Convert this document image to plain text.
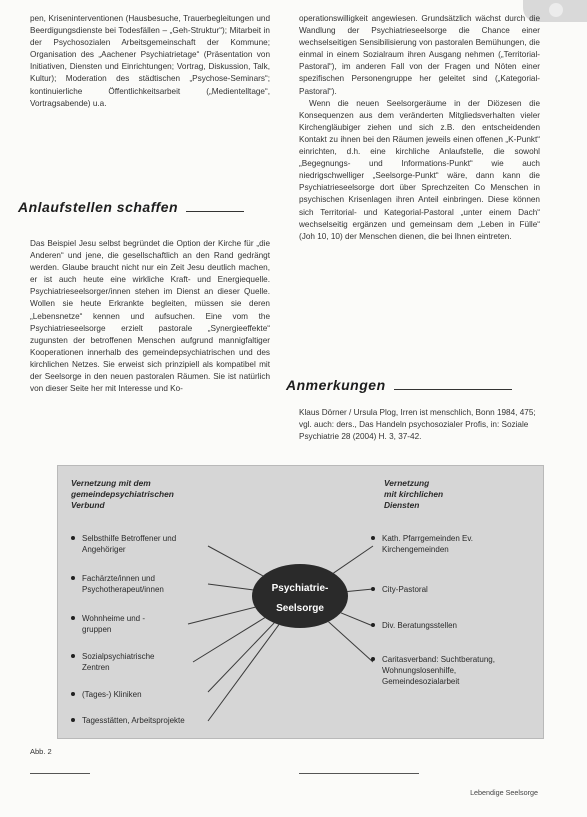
pen, Kriseninterventionen (Hausbesuche, Trauerbegleitungen und Beerdigungsdienste bei Todesfällen – „Geh-Struktur“); Mitarbeit in der Psychosozialen Arbeitsgemeinschaft der Kommune; Organisation des „Aachener Psychiatrietage“ (Präsentation von Initiativen, Diensten und Einrichtungen; Vortrag, Diskussion, Talk, Kultur); Moderation des städtischen „Psychose-Seminars“; kontinuierliche Öffentlichkeitsarbeit („Medientelltage“, Vortragsabende) u.a.

Anlaufstellen schaffen

Das Beispiel Jesu selbst begründet die Option der Kirche für „die Anderen“ und jene, die gesellschaftlich an den Rand gedrängt werden. Glaube braucht nicht nur ein Zeit Jesu deutlich machen, er ist auch heute eine wirkliche Kraft- und Energiequelle. Psychiatrieseelsorger/innen stehen im Dienst an dieser Quelle. Wollen sie heute Erkrankte begleiten, müssen sie deren „Lebensnetze“ kennen und aufsuchen. Eine vom the Psychiatrieseelsorge erzielt pastorale „Synergieeffekte“ zugunsten der betroffenen Menschen aufgrund mannigfaltiger Kooperationen innerhalb des gemeindepsychiatrischen und des kirchlichen Netzes. Sie erweist sich prinzipiell als kompatibel mit der Seelsorge in den neuen pastoralen Räumen. Sie ist natürlich von dieser Seite her mit Interesse und Ko-

operationswilligkeit angewiesen. Grundsätzlich wächst durch die Wandlung der Psychiatrieseelsorge die Chance einer wechselseitigen Sensibilisierung von pastoralen Bemühungen, die einmal in einem Sozialraum ihren Ausgang nehmen („Territorial-Pastoral“), im anderen Fall von der Fragen und Nöten einer spezifischen Personengruppe her geleitet sind („Kategorial-Pastoral“).

Wenn die neuen Seelsorgeräume in der Diözesen die Konsequenzen aus dem veränderten Mitgliedsverhalten vieler Kirchengläubiger ziehen und sich z.B. den entscheidenden Kontakt zu ihnen bei den Räumen jeweils einen offenen „K-Punkt“ einrichten, d.h. eine kirchliche Anlaufstelle, die sowohl „Begegnungs- und Informations-Punkt“ wie auch niedrigschwelliger „Seelsorge-Punkt“ wäre, dann kann die Psychiatrieseelsorge dort über Sprechzeiten Co Menschen in psychischen Krisenlagen ihren Anteil einbringen. Diese können sich Territorial- und Kategorial-Pastoral „unter einem Dach“ wechselseitig ergänzen und gemeinsam dem „Leben in Fülle“ (Joh 10, 10) der Menschen dienen, die bei Ihnen eintreten.

Anmerkungen

Klaus Dörner / Ursula Plog, Irren ist menschlich, Bonn 1984, 475; vgl. auch: ders., Das Handeln psychosozialer Profis, in: Soziale Psychiatrie 28 (2004) H. 3, 37-42.

Psychiatrie-
Seelsorge
Vernetzung mit dem
gemeindepsychiatrischen
Verbund
Vernetzung
mit kirchlichen
Diensten
Selbsthilfe Betroffener und Angehöriger
Fachärzte/innen und Psychotherapeut/innen
Wohnheime und -gruppen
Sozialpsychiatrische Zentren
(Tages-) Kliniken
Tagesstätten, Arbeitsprojekte
Kath. Pfarrgemeinden Ev. Kirchengemeinden
City-Pastoral
Div. Beratungsstellen
Caritasverband: Suchtberatung, Wohnungslosenhilfe, Gemeindesozialarbeit
Abb. 2
Lebendige Seelsorge
